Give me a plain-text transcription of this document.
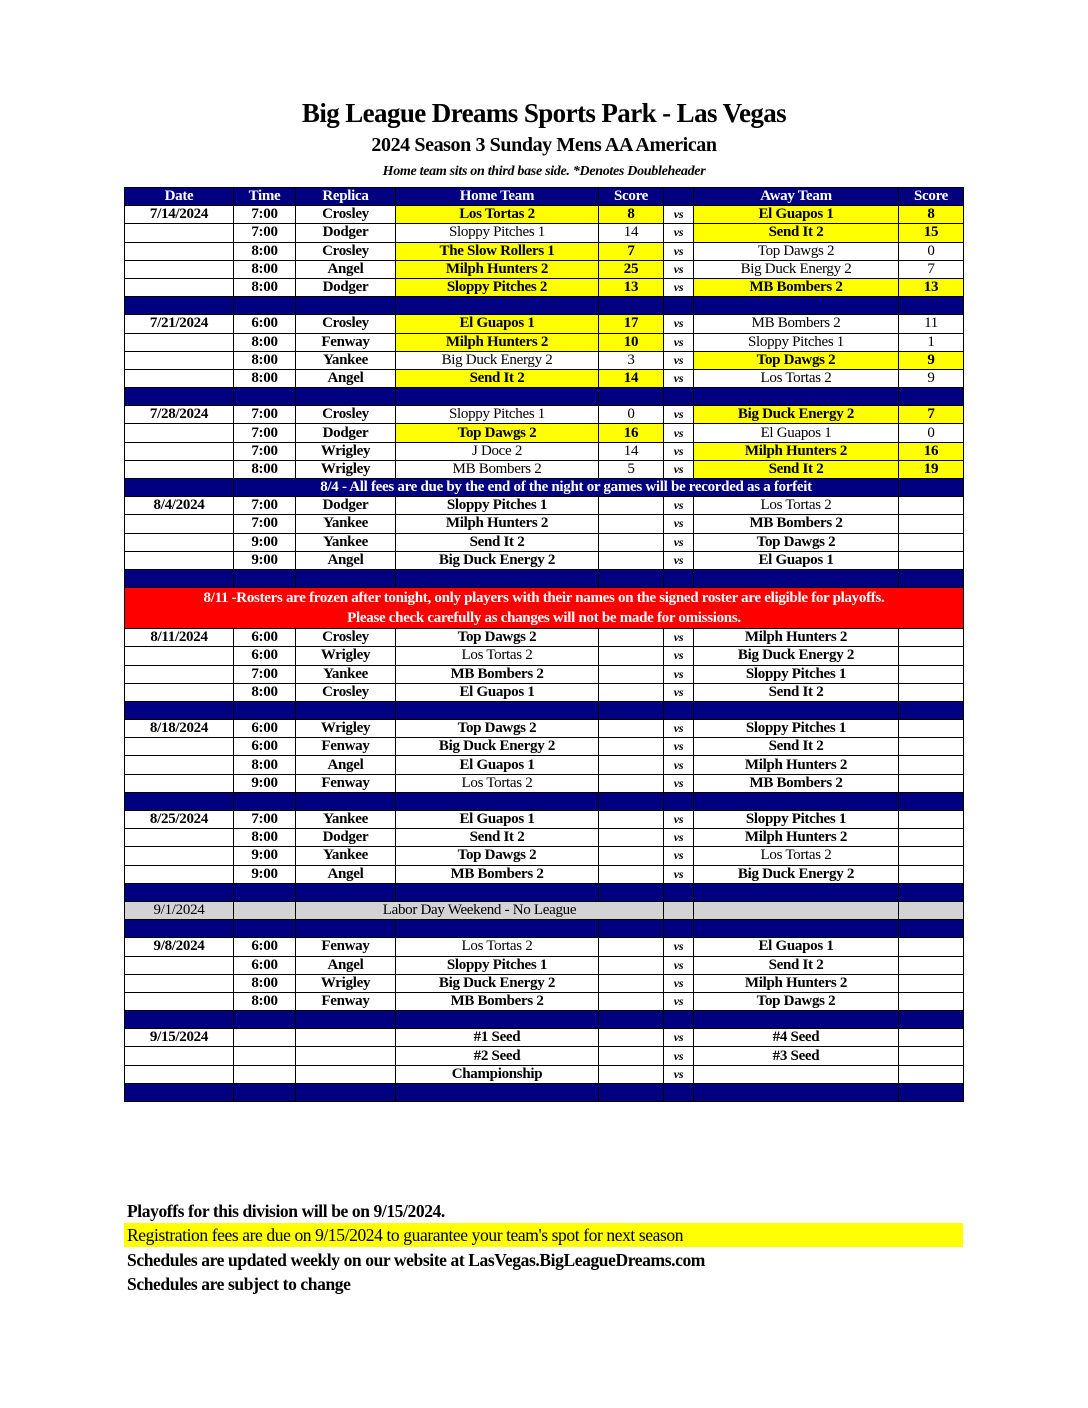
Big League Dreams Sports Park - Las Vegas
2024 Season 3 Sunday Mens AA American
Home team sits on third base side. *Denotes Doubleheader
Date	Time	Replica	Home Team	Score		Away Team	Score
7/14/2024	7:00	Crosley	Los Tortas 2	8	vs	El Guapos 1	8
	7:00	Dodger	Sloppy Pitches 1	14	vs	Send It 2	15
	8:00	Crosley	The Slow Rollers 1	7	vs	Top Dawgs 2	0
	8:00	Angel	Milph Hunters 2	25	vs	Big Duck Energy 2	7
	8:00	Dodger	Sloppy Pitches 2	13	vs	MB Bombers 2	13

7/21/2024	6:00	Crosley	El Guapos 1	17	vs	MB Bombers 2	11
	8:00	Fenway	Milph Hunters 2	10	vs	Sloppy Pitches 1	1
	8:00	Yankee	Big Duck Energy 2	3	vs	Top Dawgs 2	9
	8:00	Angel	Send It 2	14	vs	Los Tortas 2	9

7/28/2024	7:00	Crosley	Sloppy Pitches 1	0	vs	Big Duck Energy 2	7
	7:00	Dodger	Top Dawgs 2	16	vs	El Guapos 1	0
	7:00	Wrigley	J Doce 2	14	vs	Milph Hunters 2	16
	8:00	Wrigley	MB Bombers 2	5	vs	Send It 2	19
	8/4 - All fees are due by the end of the night or games will be recorded as a forfeit						
8/4/2024	7:00	Dodger	Sloppy Pitches 1		vs	Los Tortas 2	
	7:00	Yankee	Milph Hunters 2		vs	MB Bombers 2	
	9:00	Yankee	Send It 2		vs	Top Dawgs 2	
	9:00	Angel	Big Duck Energy 2		vs	El Guapos 1	

8/11 -Rosters are frozen after tonight, only players with their names on the signed roster are eligible for playoffs.
Please check carefully as changes will not be made for omissions.							

8/11/2024	6:00	Crosley	Top Dawgs 2		vs	Milph Hunters 2	
	6:00	Wrigley	Los Tortas 2		vs	Big Duck Energy 2	
	7:00	Yankee	MB Bombers 2		vs	Sloppy Pitches 1	
	8:00	Crosley	El Guapos 1		vs	Send It 2	

8/18/2024	6:00	Wrigley	Top Dawgs 2		vs	Sloppy Pitches 1	
	6:00	Fenway	Big Duck Energy 2		vs	Send It 2	
	8:00	Angel	El Guapos 1		vs	Milph Hunters 2	
	9:00	Fenway	Los Tortas 2		vs	MB Bombers 2	

8/25/2024	7:00	Yankee	El Guapos 1		vs	Sloppy Pitches 1	
	8:00	Dodger	Send It 2		vs	Milph Hunters 2	
	9:00	Yankee	Top Dawgs 2		vs	Los Tortas 2	
	9:00	Angel	MB Bombers 2		vs	Big Duck Energy 2	

9/1/2024		Labor Day Weekend - No League					

9/8/2024	6:00	Fenway	Los Tortas 2		vs	El Guapos 1	
	6:00	Angel	Sloppy Pitches 1		vs	Send It 2	
	8:00	Wrigley	Big Duck Energy 2		vs	Milph Hunters 2	
	8:00	Fenway	MB Bombers 2		vs	Top Dawgs 2	

9/15/2024			#1 Seed		vs	#4 Seed	
			#2 Seed		vs	#3 Seed	
			Championship		vs		

Playoffs for this division will be on 9/15/2024.
Registration fees are due on 9/15/2024 to guarantee your team's spot for next season
Schedules are updated weekly on our website at LasVegas.BigLeagueDreams.com
Schedules are subject to change
